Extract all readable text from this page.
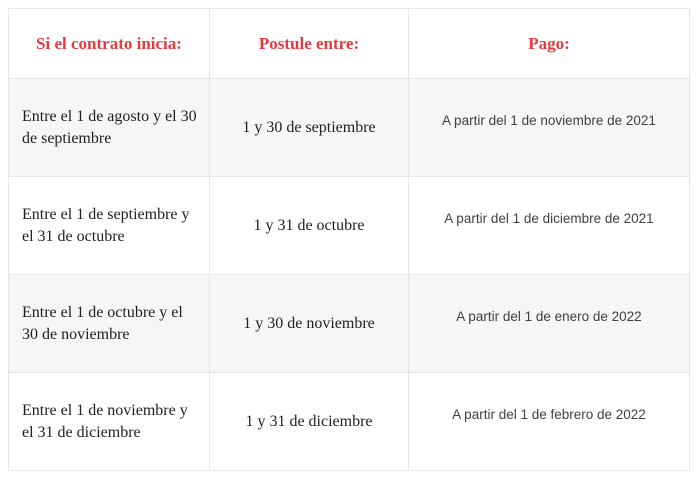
Si el contrato inicia:	Postule entre:	Pago:
Entre el 1 de agosto y el 30 de septiembre	1 y 30 de septiembre	A partir del 1 de noviembre de 2021
Entre el 1 de septiembre y el 31 de octubre	1 y 31 de octubre	A partir del 1 de diciembre de 2021
Entre el 1 de octubre y el 30 de noviembre	1 y 30 de noviembre	A partir del 1 de enero de 2022
Entre el 1 de noviembre y el 31 de diciembre	1 y 31 de diciembre	A partir del 1 de febrero de 2022
